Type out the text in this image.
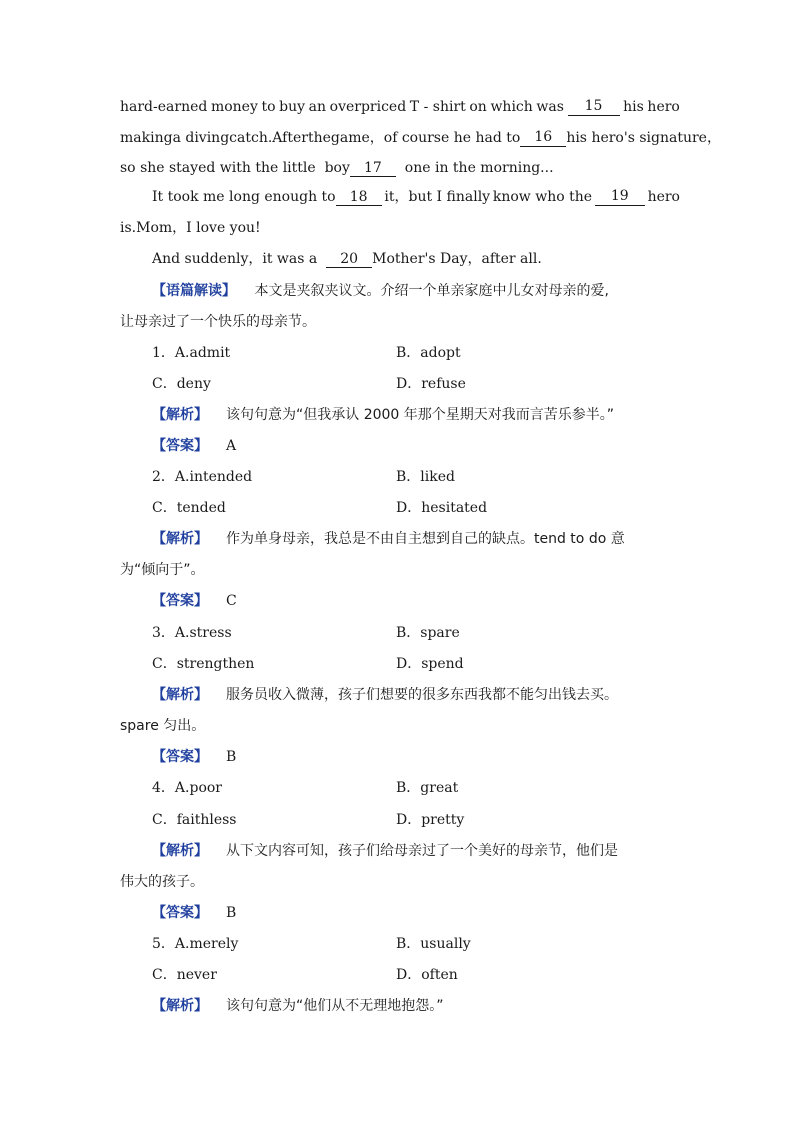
hard-earned money to buy an overpriced T - shirt on which was	15	his hero
making a diving catch.After the game ，of course he had to	16	his hero's signature ，
so she stayed with the little boy 17 one in the morning...
It took me long enough to 18	it，but I finally know who the	19	hero
is.Mom，I love you!
And suddenly，it was a 20 Mother's Day，after all.
【语篇解读】 本文是夹叙夹议文。介绍一个单亲家庭中儿女对母亲的爱,
让母亲过了一个快乐的母亲节。
1．A.admit	B．adopt
C．deny	D．refuse
【解析】 该句句意为“但我承认 2000 年那个星期天对我而言苦乐参半。”
【答案】 A
2．A.intended	B．liked
C．tended	D．hesitated
【解析】 作为单身母亲，我总是不由自主想到自己的缺点。tend to do 意
为“倾向于”。
【答案】 C
3．A.stress	B．spare
C．strengthen	D．spend
【解析】 服务员收入微薄，孩子们想要的很多东西我都不能匀出钱去买。
spare 匀出。
【答案】 B
4．A.poor	B．great
C．faithless	D．pretty
【解析】 从下文内容可知，孩子们给母亲过了一个美好的母亲节，他们是
伟大的孩子。
【答案】 B
5．A.merely	B．usually
C．never	D．often
【解析】 该句句意为“他们从不无理地抱怨。”
